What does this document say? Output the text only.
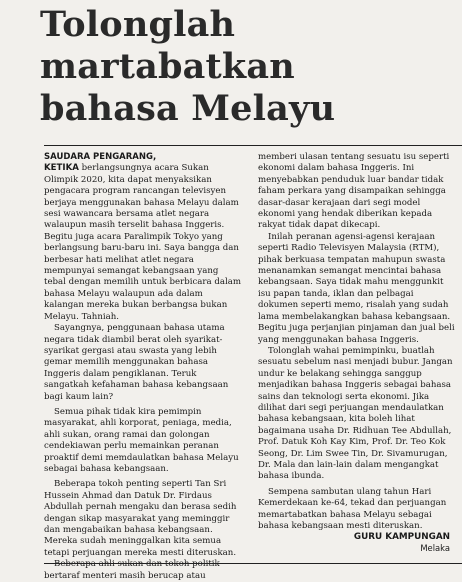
Tolonglah
martabatkan
bahasa Melayu

SAUDARA PENGARANG,

KETIKA berlangsungnya acara Sukan Olimpik 2020, kita dapat menyaksikan pengacara program rancangan televisyen berjaya menggunakan bahasa Melayu dalam sesi wawancara bersama atlet negara walaupun masih terselit bahasa Inggeris. Begitu juga acara Paralimpik Tokyo yang berlangsung baru-baru ini. Saya bangga dan berbesar hati melihat atlet negara mempunyai semangat kebangsaan yang tebal dengan memilih untuk berbicara dalam bahasa Melayu walaupun ada dalam kalangan mereka bukan berbangsa bukan Melayu. Tahniah.

Sayangnya, penggunaan bahasa utama negara tidak diambil berat oleh syarikat-syarikat gergasi atau swasta yang lebih gemar memilih menggunakan bahasa Inggeris dalam pengiklanan. Teruk sangatkah kefahaman bahasa kebangsaan bagi kaum lain?

Semua pihak tidak kira pemimpin masyarakat, ahli korporat, peniaga, media, ahli sukan, orang ramai dan golongan cendekiawan perlu memainkan peranan proaktif demi memdaulatkan bahasa Melayu sebagai bahasa kebangsaan.

Beberapa tokoh penting seperti Tan Sri Hussein Ahmad dan Datuk Dr. Firdaus Abdullah pernah mengaku dan berasa sedih dengan sikap masyarakat yang meminggir dan mengabaikan bahasa kebangsaan. Mereka sudah meninggalkan kita semua tetapi perjuangan mereka mesti diteruskan.

Beberapa ahli sukan dan tokoh politik bertaraf menteri masih berucap atau

memberi ulasan tentang sesuatu isu seperti ekonomi dalam bahasa Inggeris. Ini menyebabkan penduduk luar bandar tidak faham perkara yang disampaikan sehingga dasar-dasar kerajaan dari segi model ekonomi yang hendak diberikan kepada rakyat tidak dapat dikecapi.

Inilah peranan agensi-agensi kerajaan seperti Radio Televisyen Malaysia (RTM), pihak berkuasa tempatan mahupun swasta menanamkan semangat mencintai bahasa kebangsaan. Saya tidak mahu menggunkit isu papan tanda, iklan dan pelbagai dokumen seperti memo, risalah yang sudah lama membelakangkan bahasa kebangsaan. Begitu juga perjanjian pinjaman dan jual beli yang menggunakan bahasa Inggeris.

Tolonglah wahai pemimpinku, buatlah sesuatu sebelum nasi menjadi bubur. Jangan undur ke belakang sehingga sanggup menjadikan bahasa Inggeris sebagai bahasa sains dan teknologi serta ekonomi. Jika dilihat dari segi perjuangan mendaulatkan bahasa kebangsaan, kita boleh lihat bagaimana usaha Dr. Ridhuan Tee Abdullah, Prof. Datuk Koh Kay Kim, Prof. Dr. Teo Kok Seong, Dr. Lim Swee Tin, Dr. Sivamurugan, Dr. Mala dan lain-lain dalam mengangkat bahasa ibunda.

Sempena sambutan ulang tahun Hari Kemerdekaan ke-64, tekad dan perjuangan memartabatkan bahasa Melayu sebagai bahasa kebangsaan mesti diteruskan.

GURU KAMPUNGAN
Melaka
